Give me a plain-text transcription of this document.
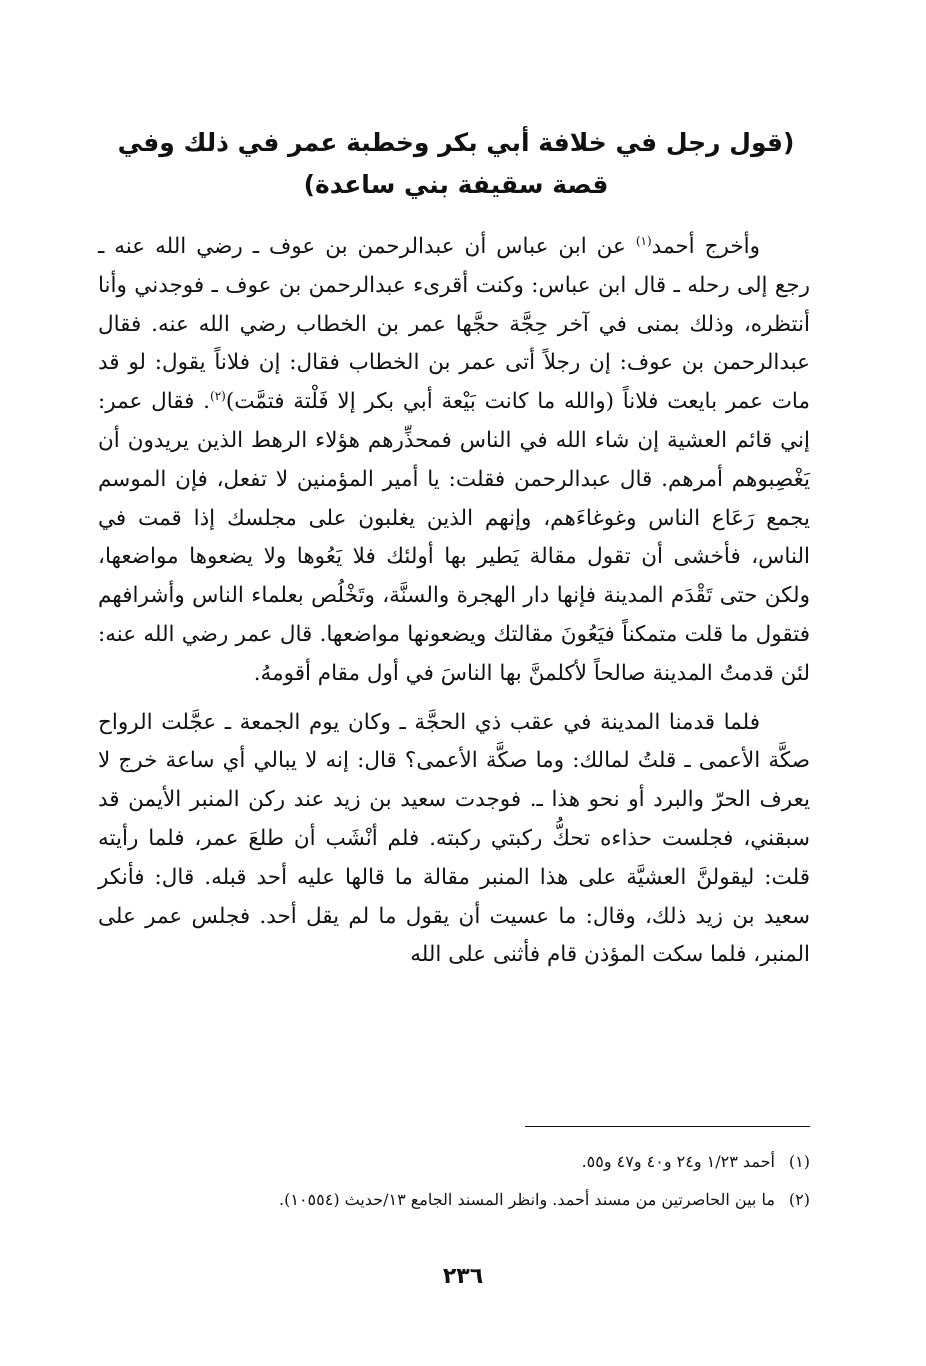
(قول رجل في خلافة أبي بكر وخطبة عمر في ذلك وفي قصة سقيفة بني ساعدة)

وأخرج أحمد$^{(١)}$ عن ابن عباس أن عبدالرحمن بن عوف ـ رضي الله عنه ـ رجع إلى رحله ـ قال ابن عباس: وكنت أقرىء عبدالرحمن بن عوف ـ فوجدني وأنا أنتظره، وذلك بمنى في آخر حِجَّة حجَّها عمر بن الخطاب رضي الله عنه. فقال عبدالرحمن بن عوف: إن رجلاً أتى عمر بن الخطاب فقال: إن فلاناً يقول: لو قد مات عمر بايعت فلاناً (والله ما كانت بَيْعة أبي بكر إلا فَلْتة فتمَّت)$^{(٢)}$. فقال عمر: إني قائم العشية إن شاء الله في الناس فمحذِّرهم هؤلاء الرهط الذين يريدون أن يَغْصِبوهم أمرهم. قال عبدالرحمن فقلت: يا أمير المؤمنين لا تفعل، فإن الموسم يجمع رَعَاع الناس وغوغاءَهم، وإنهم الذين يغلبون على مجلسك إذا قمت في الناس، فأخشى أن تقول مقالة يَطير بها أولئك فلا يَعُوها ولا يضعوها مواضعها، ولكن حتى تَقْدَم المدينة فإنها دار الهجرة والسنَّة، وتَخْلُص بعلماء الناس وأشرافهم فتقول ما قلت متمكناً فيَعُونَ مقالتك ويضعونها مواضعها. قال عمر رضي الله عنه: لئن قدمتُ المدينة صالحاً لأكلمنَّ بها الناسَ في أول مقام أقومهُ.

فلما قدمنا المدينة في عقب ذي الحجَّة ـ وكان يوم الجمعة ـ عجَّلت الرواح صكَّة الأعمى ـ قلتُ لمالك: وما صكَّة الأعمى؟ قال: إنه لا يبالي أي ساعة خرج لا يعرف الحرّ والبرد أو نحو هذا ـ. فوجدت سعيد بن زيد عند ركن المنبر الأيمن قد سبقني، فجلست حذاءه تحكُّ ركبتي ركبته. فلم أنْشَب أن طلعَ عمر، فلما رأيته قلت: ليقولنَّ العشيَّة على هذا المنبر مقالة ما قالها عليه أحد قبله. قال: فأنكر سعيد بن زيد ذلك، وقال: ما عسيت أن يقول ما لم يقل أحد. فجلس عمر على المنبر، فلما سكت المؤذن قام فأثنى على الله

(١)
أحمد ١/٢٣ و٢٤ و٤٠ و٤٧ و٥٥.
(٢)
ما بين الحاصرتين من مسند أحمد. وانظر المسند الجامع ١٣/حديث (١٠٥٥٤).
٢٣٦
